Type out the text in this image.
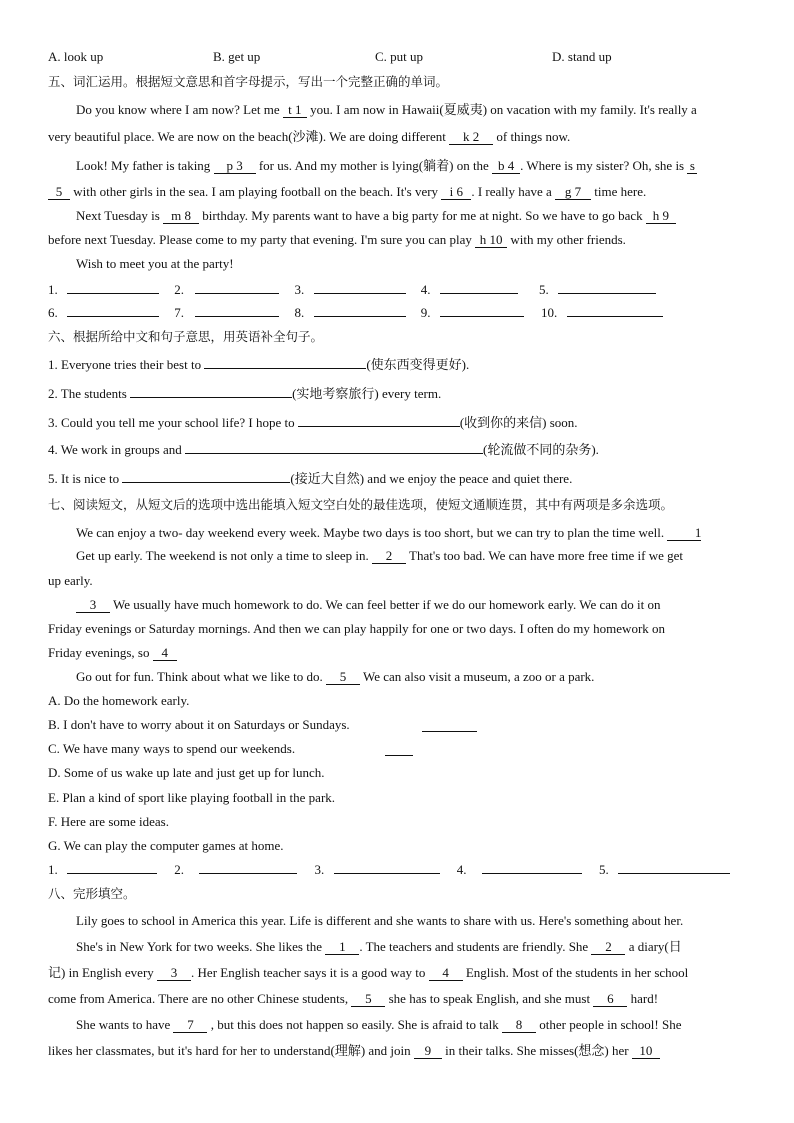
A. look up	B. get up	C. put up	D. stand up
五、词汇运用。根据短文意思和首字母提示，写出一个完整正确的单词。
Do you know where I am now? Let me t 1 you. I am now in Hawaii(夏威夷) on vacation with my family. It's really a
very beautiful place. We are now on the beach(沙滩). We are doing different k 2 of things now.
Look! My father is taking p 3 for us. And my mother is lying(躺着) on the b 4 . Where is my sister? Oh, she is s
5 with other girls in the sea. I am playing football on the beach. It's very i 6 . I really have a g 7 time here.
Next Tuesday is m 8 birthday. My parents want to have a big party for me at night. So we have to go back h 9
before next Tuesday. Please come to my party that evening. I'm sure you can play h 10 with my other friends.
Wish to meet you at the party!
1.	2.	3.	4.	5.
6.	7.	8.	9.	10.
六、根据所给中文和句子意思，用英语补全句子。
1. Everyone tries their best to	(使东西变得更好).
2. The students	(实地考察旅行) every term.
3. Could you tell me your school life? I hope to	(收到你的来信) soon.
4. We work in groups and	(轮流做不同的杂务).
5. It is nice to	(接近大自然) and we enjoy the peace and quiet there.
七、阅读短文，从短文后的选项中选出能填入短文空白处的最佳选项，使短文通顺连贯，其中有两项是多余选项。
We can enjoy a two- day weekend every week. Maybe two days is too short, but we can try to plan the time well. 1
Get up early. The weekend is not only a time to sleep in. 2 That's too bad. We can have more free time if we get
up early.
3 We usually have much homework to do. We can feel better if we do our homework early. We can do it on
Friday evenings or Saturday mornings. And then we can play happily for one or two days. I often do my homework on
Friday evenings, so 4
Go out for fun. Think about what we like to do. 5 We can also visit a museum, a zoo or a park.
A. Do the homework early.
B. I don't have to worry about it on Saturdays or Sundays.
C. We have many ways to spend our weekends.
D. Some of us wake up late and just get up for lunch.
E. Plan a kind of sport like playing football in the park.
F. Here are some ideas.
G. We can play the computer games at home.
1.	2.	3.	4.	5.
八、完形填空。
Lily goes to school in America this year. Life is different and she wants to share with us. Here's something about her.
She's in New York for two weeks. She likes the 1 . The teachers and students are friendly. She 2 a diary(日
记) in English every 3 . Her English teacher says it is a good way to 4 English. Most of the students in her school
come from America. There are no other Chinese students, 5 she has to speak English, and she must 6 hard!
She wants to have 7 , but this does not happen so easily. She is afraid to talk 8 other people in school! She
likes her classmates, but it's hard for her to understand(理解) and join 9 in their talks. She misses(想念) her 10
